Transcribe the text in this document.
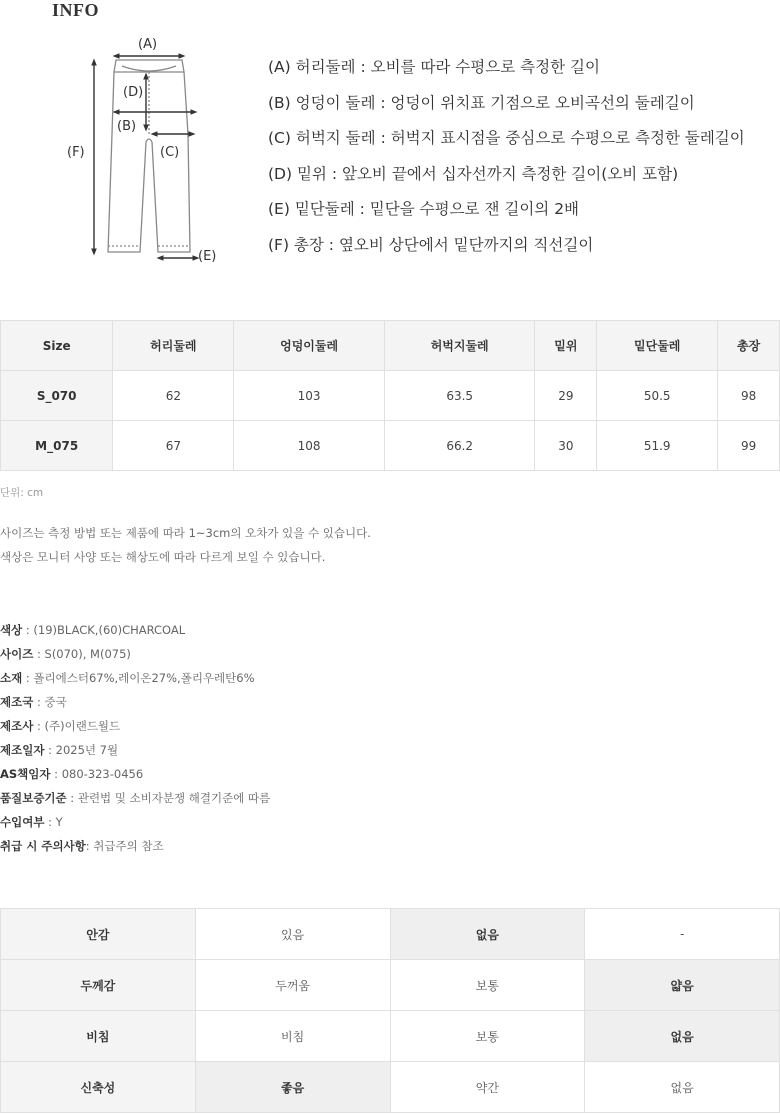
INFO
(A)
(D)
(B)
(C)
(F)
(E)
(A) 허리둘레 : 오비를 따라 수평으로 측정한 길이
(B) 엉덩이 둘레 : 엉덩이 위치표 기점으로 오비곡선의 둘레길이
(C) 허벅지 둘레 : 허벅지 표시점을 중심으로 수평으로 측정한 둘레길이
(D) 밑위 : 앞오비 끝에서 십자선까지 측정한 길이(오비 포함)
(E) 밑단둘레 : 밑단을 수평으로 잰 길이의 2배
(F) 총장 : 옆오비 상단에서 밑단까지의 직선길이
Size	허리둘레	엉덩이둘레	허벅지둘레	밑위	밑단둘레	총장
S_070	62	103	63.5	29	50.5	98
M_075	67	108	66.2	30	51.9	99
단위: cm
사이즈는 측정 방법 또는 제품에 따라 1~3cm의 오차가 있을 수 있습니다.
색상은 모니터 사양 또는 해상도에 따라 다르게 보일 수 있습니다.
색상 : (19)BLACK,(60)CHARCOAL
사이즈 : S(070), M(075)
소재 : 폴리에스터67%,레이온27%,폴리우레탄6%
제조국 : 중국
제조사 : (주)이랜드월드
제조일자 : 2025년 7월
AS책임자 : 080-323-0456
품질보증기준 : 관련법 및 소비자분쟁 해결기준에 따름
수입여부 : Y
취급 시 주의사항: 취급주의 참조
안감	있음	없음	-
두께감	두꺼움	보통	얇음
비침	비침	보통	없음
신축성	좋음	약간	없음
